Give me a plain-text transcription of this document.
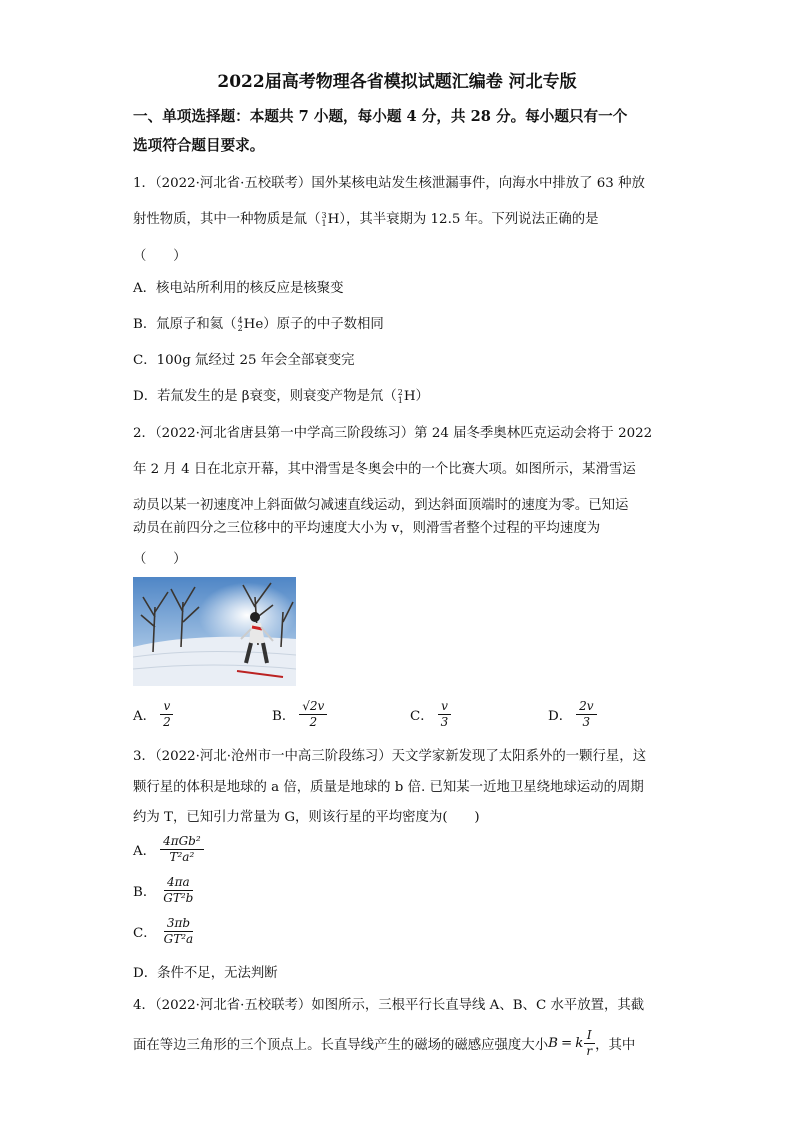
2022届高考物理各省模拟试题汇编卷 河北专版
一、单项选择题：本题共 7 小题，每小题 4 分，共 28 分。每小题只有一个
选项符合题目要求。
1．（2022·河北省·五校联考）国外某核电站发生核泄漏事件，向海水中排放了 63 种放
射性物质，其中一种物质是氚（ 3
1 H），其半衰期为 12.5 年。下列说法正确的是
（　　）
A．核电站所利用的核反应是核聚变
B．氚原子和氦（ 4
2 He）原子的中子数相同
C．100g 氚经过 25 年会全部衰变完
D．若氚发生的是 β衰变，则衰变产物是氘（ 2
1 H）
2．（2022·河北省唐县第一中学高三阶段练习）第 24 届冬季奥林匹克运动会将于 2022
年 2 月 4 日在北京开幕，其中滑雪是冬奥会中的一个比赛大项。如图所示，某滑雪运
动员以某一初速度冲上斜面做匀减速直线运动，到达斜面顶端时的速度为零。已知运
动员在前四分之三位移中的平均速度大小为 v，则滑雪者整个过程的平均速度为
（　　）
A． $\frac{v}{2}$	B． $\frac{√2v}{2}$	C． $\frac{v}{3}$	D． $\frac{2v}{3}$
3．（2022·河北·沧州市一中高三阶段练习）天文学家新发现了太阳系外的一颗行星，这
颗行星的体积是地球的 a 倍，质量是地球的 b 倍. 已知某一近地卫星绕地球运动的周期
约为 T，已知引力常量为 G，则该行星的平均密度为(　　)
A． $\frac{\text{4πGb²}}{\text{T²a²}}$
B． $\frac{4\pi a}{\text{GT²b}}$
C． $\frac{3\pi b}{\text{GT²a}}$
D．条件不足，无法判断
4．（2022·河北省·五校联考）如图所示，三根平行长直导线 A、B、C 水平放置，其截
面在等边三角形的三个顶点上。长直导线产生的磁场的磁感应强度大小 B = k $\frac{I}{r}$ ，其中
